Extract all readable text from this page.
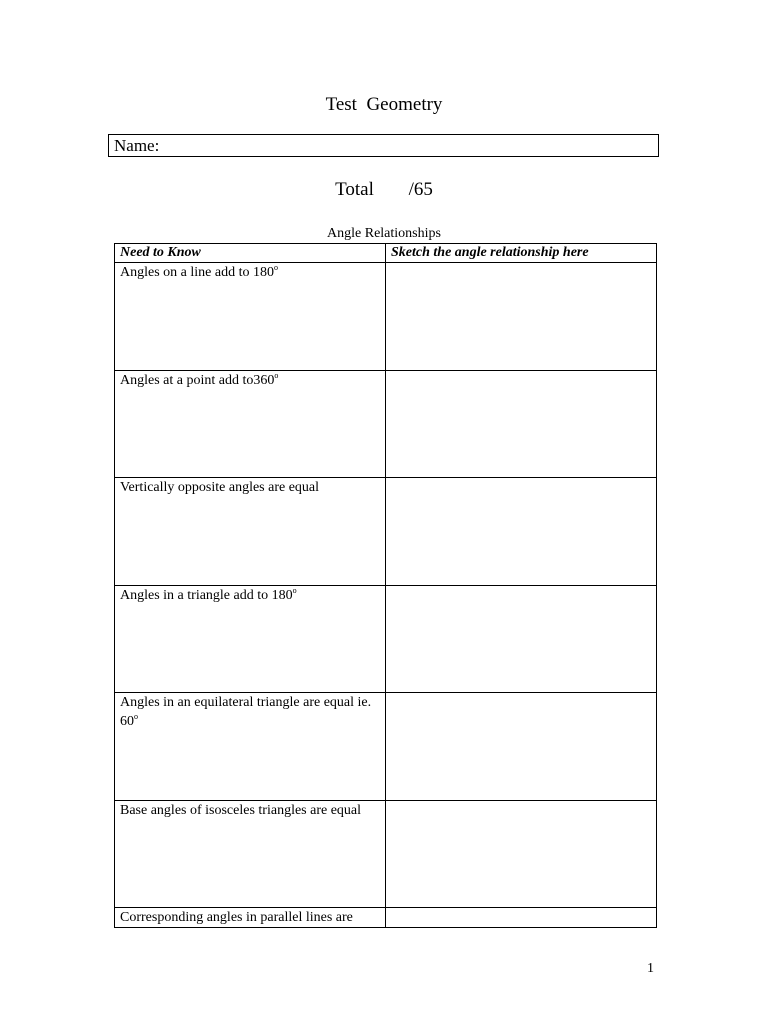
Test  Geometry
Name:
Total /65
Angle Relationships
Need to Know	Sketch the angle relationship here
Angles on a line add to 180$^o$	
Angles at a point add to360$^o$	
Vertically opposite angles are equal	
Angles in a triangle add to 180$^o$	
Angles in an equilateral triangle are equal ie. 60$^o$	
Base angles of isosceles triangles are equal	
Corresponding angles in parallel lines are	
1
